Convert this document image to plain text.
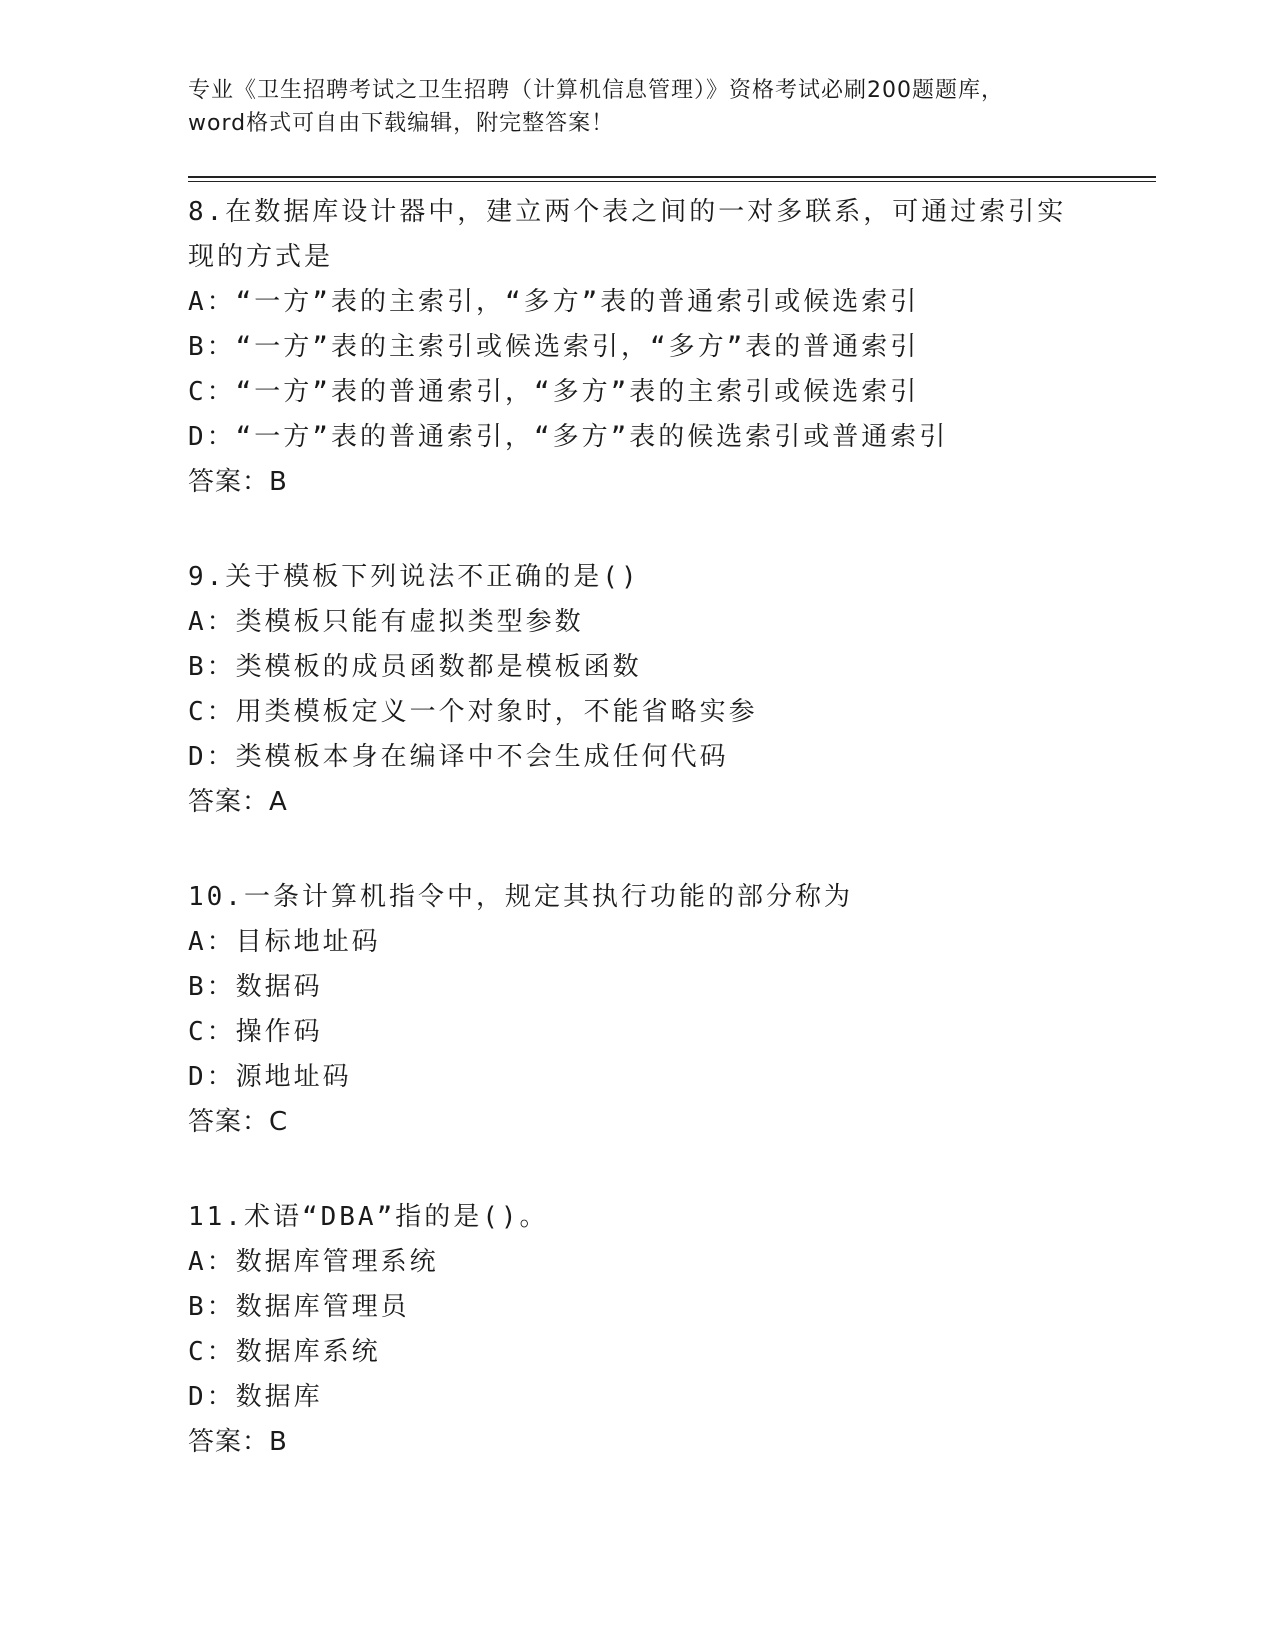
专业《卫生招聘考试之卫生招聘（计算机信息管理）》资格考试必刷200题题库，
word格式可自由下载编辑，附完整答案！
8.在数据库设计器中，建立两个表之间的一对多联系，可通过索引实现的方式是
A：“一方”表的主索引，“多方”表的普通索引或候选索引
B：“一方”表的主索引或候选索引，“多方”表的普通索引
C：“一方”表的普通索引，“多方”表的主索引或候选索引
D：“一方”表的普通索引，“多方”表的候选索引或普通索引
答案：B
9.关于模板下列说法不正确的是()
A：类模板只能有虚拟类型参数
B：类模板的成员函数都是模板函数
C：用类模板定义一个对象时，不能省略实参
D：类模板本身在编译中不会生成任何代码
答案：A
10.一条计算机指令中，规定其执行功能的部分称为
A：目标地址码
B：数据码
C：操作码
D：源地址码
答案：C
11.术语“DBA”指的是()。
A：数据库管理系统
B：数据库管理员
C：数据库系统
D：数据库
答案：B
